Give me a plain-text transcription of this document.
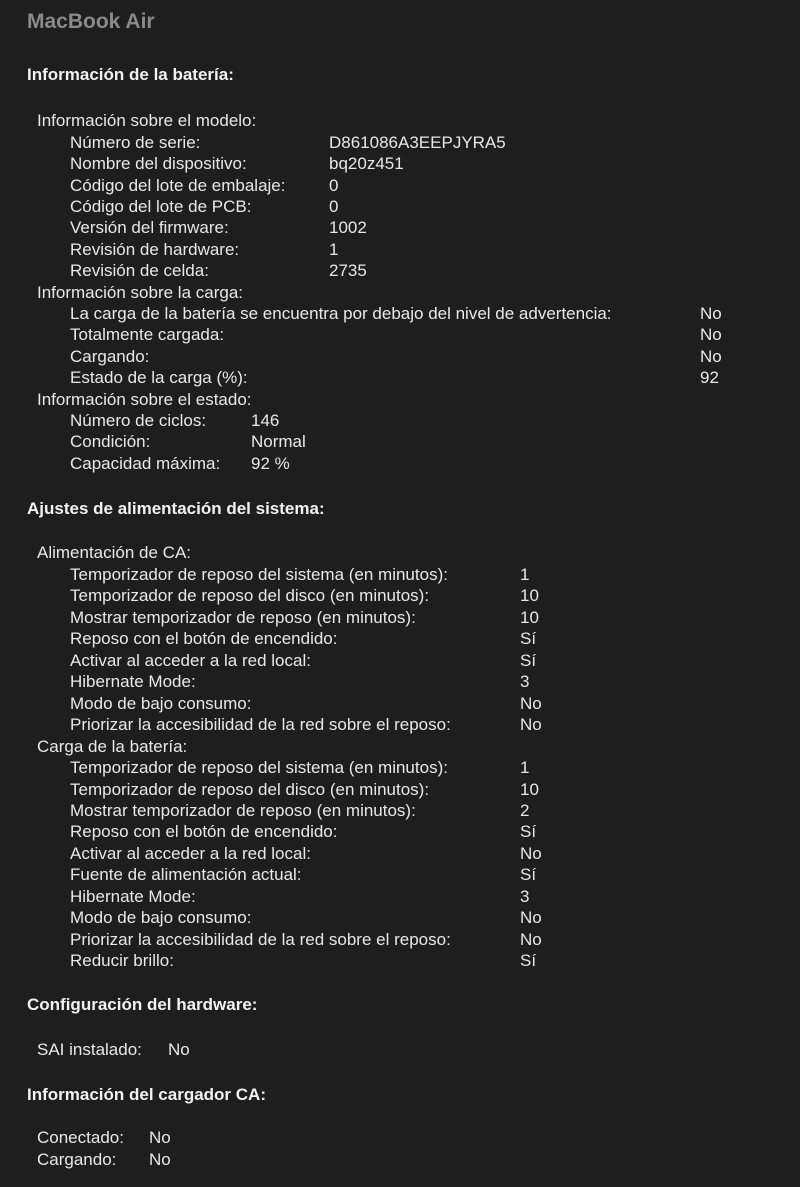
MacBook Air
Información de la batería:
Información sobre el modelo:
Número de serie:	D861086A3EEPJYRA5
Nombre del dispositivo:	bq20z451
Código del lote de embalaje:	0
Código del lote de PCB:	0
Versión del firmware:	1002
Revisión de hardware:	1
Revisión de celda:	2735
Información sobre la carga:
La carga de la batería se encuentra por debajo del nivel de advertencia:	No
Totalmente cargada:	No
Cargando:	No
Estado de la carga (%):	92
Información sobre el estado:
Número de ciclos:	146
Condición:	Normal
Capacidad máxima: 92 %
Ajustes de alimentación del sistema:
Alimentación de CA:
Temporizador de reposo del sistema (en minutos):	1
Temporizador de reposo del disco (en minutos):	10
Mostrar temporizador de reposo (en minutos):	10
Reposo con el botón de encendido:	Sí
Activar al acceder a la red local:	Sí
Hibernate Mode:	3
Modo de bajo consumo:	No
Priorizar la accesibilidad de la red sobre el reposo:	No
Carga de la batería:
Temporizador de reposo del sistema (en minutos):	1
Temporizador de reposo del disco (en minutos):	10
Mostrar temporizador de reposo (en minutos):	2
Reposo con el botón de encendido:	Sí
Activar al acceder a la red local:	No
Fuente de alimentación actual:	Sí
Hibernate Mode:	3
Modo de bajo consumo:	No
Priorizar la accesibilidad de la red sobre el reposo:	No
Reducir brillo:	Sí
Configuración del hardware:
SAI instalado: No
Información del cargador CA:
Conectado: No
Cargando: No
